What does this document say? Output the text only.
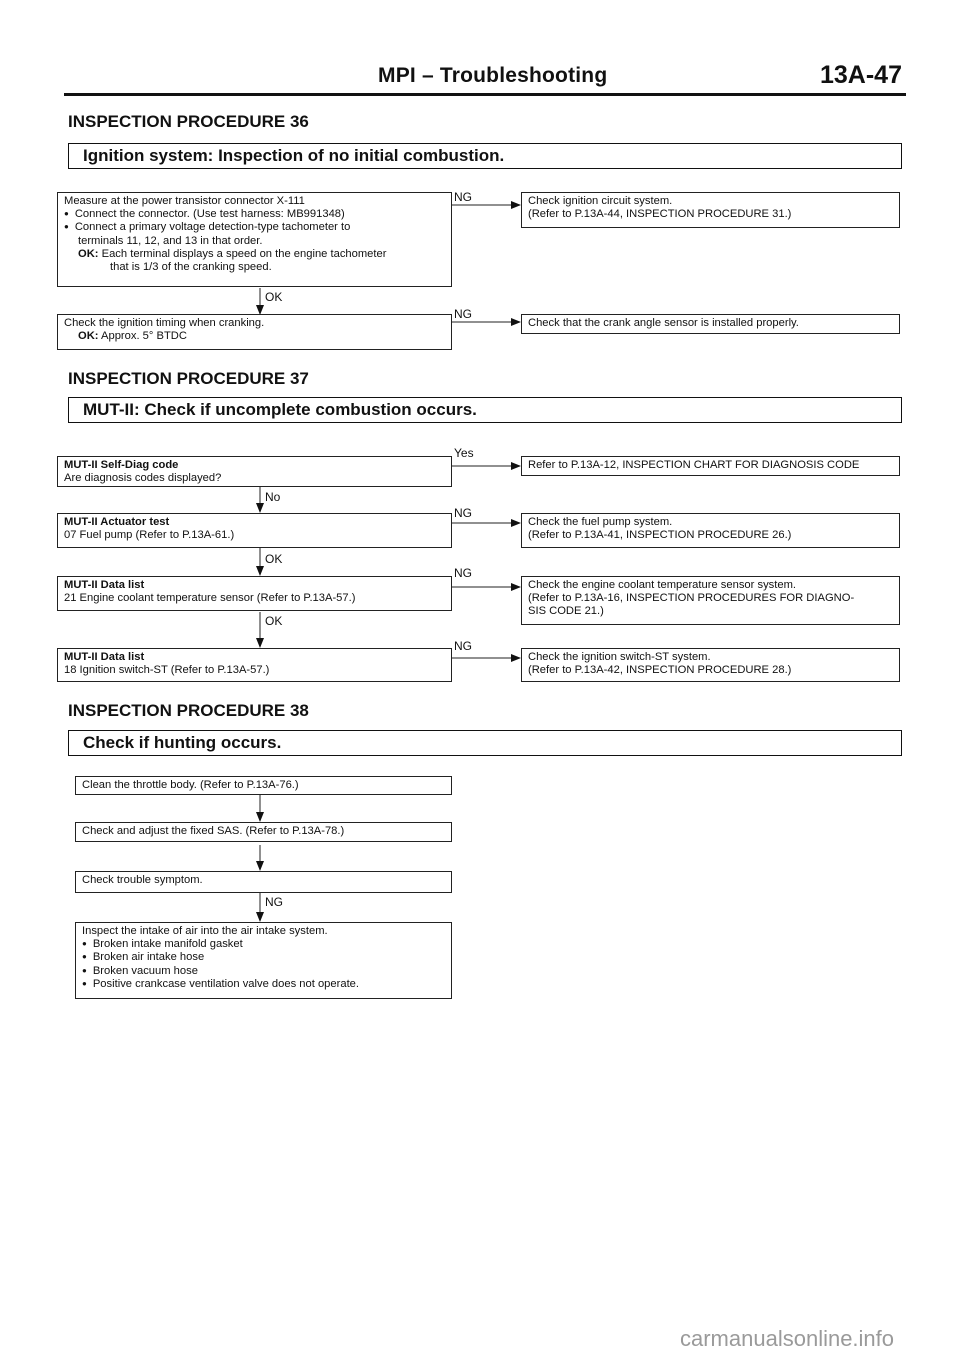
MPI – Troubleshooting	13A-47
INSPECTION PROCEDURE 36
Ignition system: Inspection of no initial combustion.
Measure at the power transistor connector X-111
● Connect the connector. (Use test harness: MB991348)
● Connect a primary voltage detection-type tachometer to
terminals 11, 12, and 13 in that order.
OK: Each terminal displays a speed on the engine tachometer
that is 1/3 of the cranking speed.
NG	Check ignition circuit system.
(Refer to P.13A-44, INSPECTION PROCEDURE 31.)
OK
Check the ignition timing when cranking.
OK: Approx. 5° BTDC
NG
Check that the crank angle sensor is installed properly.
INSPECTION PROCEDURE 37
MUT-II: Check if uncomplete combustion occurs.
Yes
MUT-II Self-Diag code
Are diagnosis codes displayed?
Refer to P.13A-12, INSPECTION CHART FOR DIAGNOSIS CODE
No
NG
MUT-II Actuator test
07 Fuel pump (Refer to P.13A-61.)
Check the fuel pump system.
(Refer to P.13A-41, INSPECTION PROCEDURE 26.)
OK
NG
MUT-II Data list
21 Engine coolant temperature sensor (Refer to P.13A-57.)
Check the engine coolant temperature sensor system.
(Refer to P.13A-16, INSPECTION PROCEDURES FOR DIAGNO-
SIS CODE 21.)
OK
NG
MUT-II Data list
18 Ignition switch-ST (Refer to P.13A-57.)
Check the ignition switch-ST system.
(Refer to P.13A-42, INSPECTION PROCEDURE 28.)
INSPECTION PROCEDURE 38
Check if hunting occurs.
Clean the throttle body. (Refer to P.13A-76.)
Check and adjust the fixed SAS. (Refer to P.13A-78.)
Check trouble symptom.
NG
Inspect the intake of air into the air intake system.
● Broken intake manifold gasket
● Broken air intake hose
● Broken vacuum hose
● Positive crankcase ventilation valve does not operate.
carmanualsonline.info
